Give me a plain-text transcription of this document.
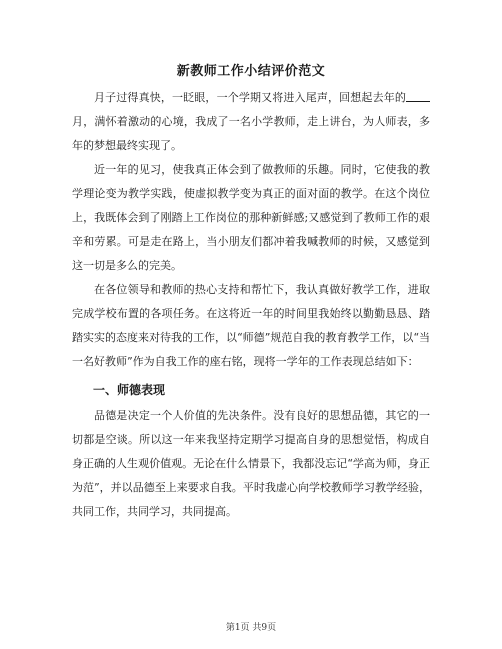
新教师工作小结评价范文

月子过得真快，一眨眼，一个学期又将进入尾声，回想起去年的月，满怀着激动的心境，我成了一名小学教师，走上讲台，为人师表，多年的梦想最终实现了。

近一年的见习，使我真正体会到了做教师的乐趣。同时，它使我的教学理论变为教学实践，使虚拟教学变为真正的面对面的教学。在这个岗位上，我既体会到了刚踏上工作岗位的那种新鲜感;又感觉到了教师工作的艰辛和劳累。可是走在路上，当小朋友们都冲着我喊教师的时候，又感觉到这一切是多么的完美。

在各位领导和教师的热心支持和帮忙下，我认真做好教学工作，进取完成学校布置的各项任务。在这将近一年的时间里我始终以勤勤恳恳、踏踏实实的态度来对待我的工作，以“师德”规范自我的教育教学工作，以“当一名好教师”作为自我工作的座右铭，现将一学年的工作表现总结如下：

一、师德表现

品德是决定一个人价值的先决条件。没有良好的思想品德，其它的一切都是空谈。所以这一年来我坚持定期学习提高自身的思想觉悟，构成自身正确的人生观价值观。无论在什么情景下，我都没忘记“学高为师，身正为范”，并以品德至上来要求自我。平时我虚心向学校教师学习教学经验，共同工作，共同学习，共同提高。

第1页 共9页
